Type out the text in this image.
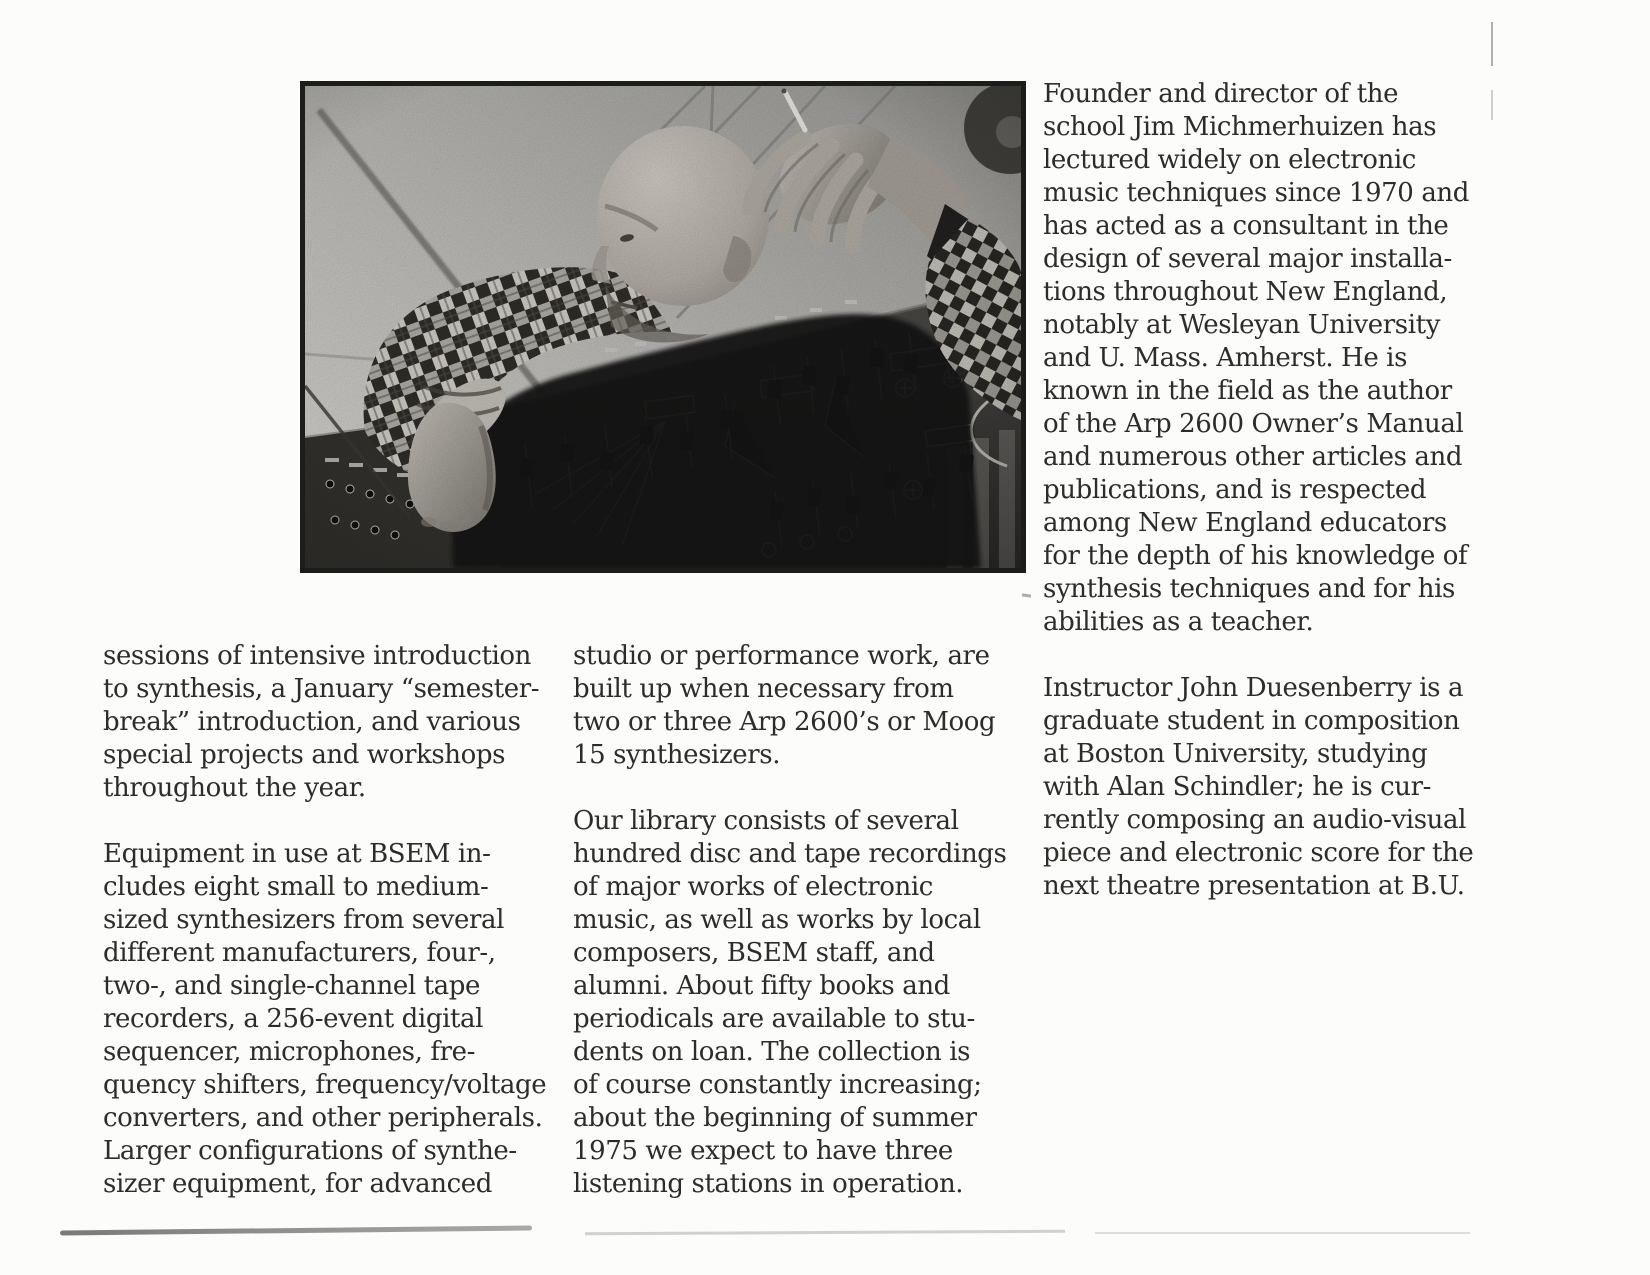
sessions of intensive introduction
to synthesis, a January “semester-
break” introduction, and various
special projects and workshops
throughout the year.
Equipment in use at BSEM in-
cludes eight small to medium-
sized synthesizers from several
different manufacturers, four-,
two-, and single-channel tape
recorders, a 256-event digital
sequencer, microphones, fre-
quency shifters, frequency/voltage
converters, and other peripherals.
Larger configurations of synthe-
sizer equipment, for advanced
studio or performance work, are
built up when necessary from
two or three Arp 2600’s or Moog
15 synthesizers.
Our library consists of several
hundred disc and tape recordings
of major works of electronic
music, as well as works by local
composers, BSEM staff, and
alumni. About fifty books and
periodicals are available to stu-
dents on loan. The collection is
of course constantly increasing;
about the beginning of summer
1975 we expect to have three
listening stations in operation.
Founder and director of the
school Jim Michmerhuizen has
lectured widely on electronic
music techniques since 1970 and
has acted as a consultant in the
design of several major installa-
tions throughout New England,
notably at Wesleyan University
and U. Mass. Amherst. He is
known in the field as the author
of the Arp 2600 Owner’s Manual
and numerous other articles and
publications, and is respected
among New England educators
for the depth of his knowledge of
synthesis techniques and for his
abilities as a teacher.
Instructor John Duesenberry is a
graduate student in composition
at Boston University, studying
with Alan Schindler; he is cur-
rently composing an audio-visual
piece and electronic score for the
next theatre presentation at B.U.
